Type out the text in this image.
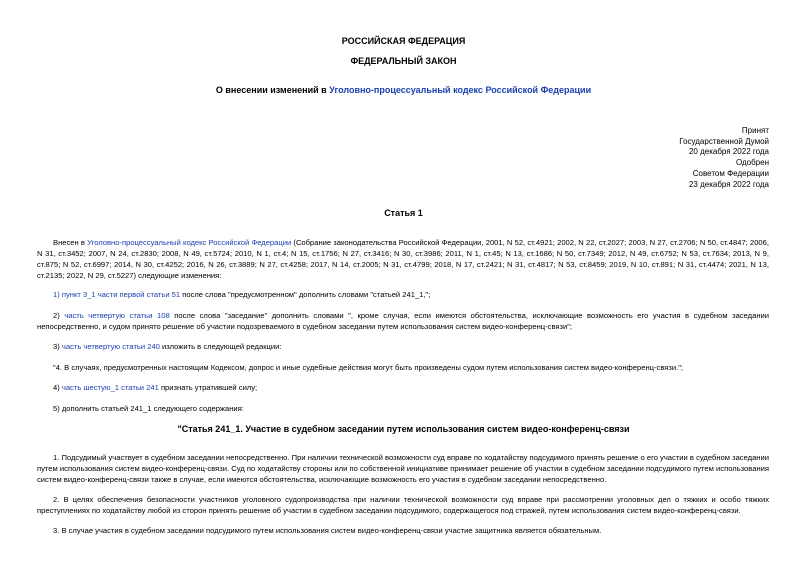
РОССИЙСКАЯ ФЕДЕРАЦИЯ
ФЕДЕРАЛЬНЫЙ ЗАКОН
О внесении изменений в Уголовно-процессуальный кодекс Российской Федерации
Принят
Государственной Думой
20 декабря 2022 года
Одобрен
Советом Федерации
23 декабря 2022 года
Статья 1
Внесен в Уголовно-процессуальный кодекс Российской Федерации (Собрание законодательства Российской Федерации, 2001, N 52, ст.4921; 2002, N 22, ст.2027; 2003, N 27, ст.2706; N 50, ст.4847; 2006, N 31, ст.3452; 2007, N 24, ст.2830; 2008, N 49, ст.5724; 2010, N 1, ст.4; N 15, ст.1756; N 27, ст.3416; N 30, ст.3986; 2011, N 1, ст.45; N 13, ст.1686; N 50, ст.7349; 2012, N 49, ст.6752; N 53, ст.7634; 2013, N 9, ст.875; N 52, ст.6997; 2014, N 30, ст.4252; 2016, N 26, ст.3889; N 27, ст.4258; 2017, N 14, ст.2005; N 31, ст.4799; 2018, N 17, ст.2421; N 31, ст.4817; N 53, ст.8459; 2019, N 10, ст.891; N 31, ст.4474; 2021, N 13, ст.2135; 2022, N 29, ст.5227) следующие изменения:
1) пункт 3_1 части первой статьи 51 после слова "предусмотренном" дополнить словами "статьей 241_1,";
2) часть четвертую статьи 108 после слова "заседание" дополнить словами ", кроме случая, если имеются обстоятельства, исключающие возможность его участия в судебном заседании непосредственно, и судом принято решение об участии подозреваемого в судебном заседании путем использования систем видео-конференц-связи";
3) часть четвертую статьи 240 изложить в следующей редакции:
"4. В случаях, предусмотренных настоящим Кодексом, допрос и иные судебные действия могут быть произведены судом путем использования систем видео-конференц-связи.";
4) часть шестую_1 статьи 241 признать утратившей силу;
5) дополнить статьей 241_1 следующего содержания:
"Статья 241_1. Участие в судебном заседании путем использования систем видео-конференц-связи
1. Подсудимый участвует в судебном заседании непосредственно. При наличии технической возможности суд вправе по ходатайству подсудимого принять решение о его участии в судебном заседании путем использования систем видео-конференц-связи. Суд по ходатайству стороны или по собственной инициативе принимает решение об участии в судебном заседании подсудимого путем использования систем видео-конференц-связи также в случае, если имеются обстоятельства, исключающие возможность его участия в судебном заседании непосредственно.
2. В целях обеспечения безопасности участников уголовного судопроизводства при наличии технической возможности суд вправе при рассмотрении уголовных дел о тяжких и особо тяжких преступлениях по ходатайству любой из сторон принять решение об участии в судебном заседании подсудимого, содержащегося под стражей, путем использования систем видео-конференц-связи.
3. В случае участия в судебном заседании подсудимого путем использования систем видео-конференц-связи участие защитника является обязательным.
